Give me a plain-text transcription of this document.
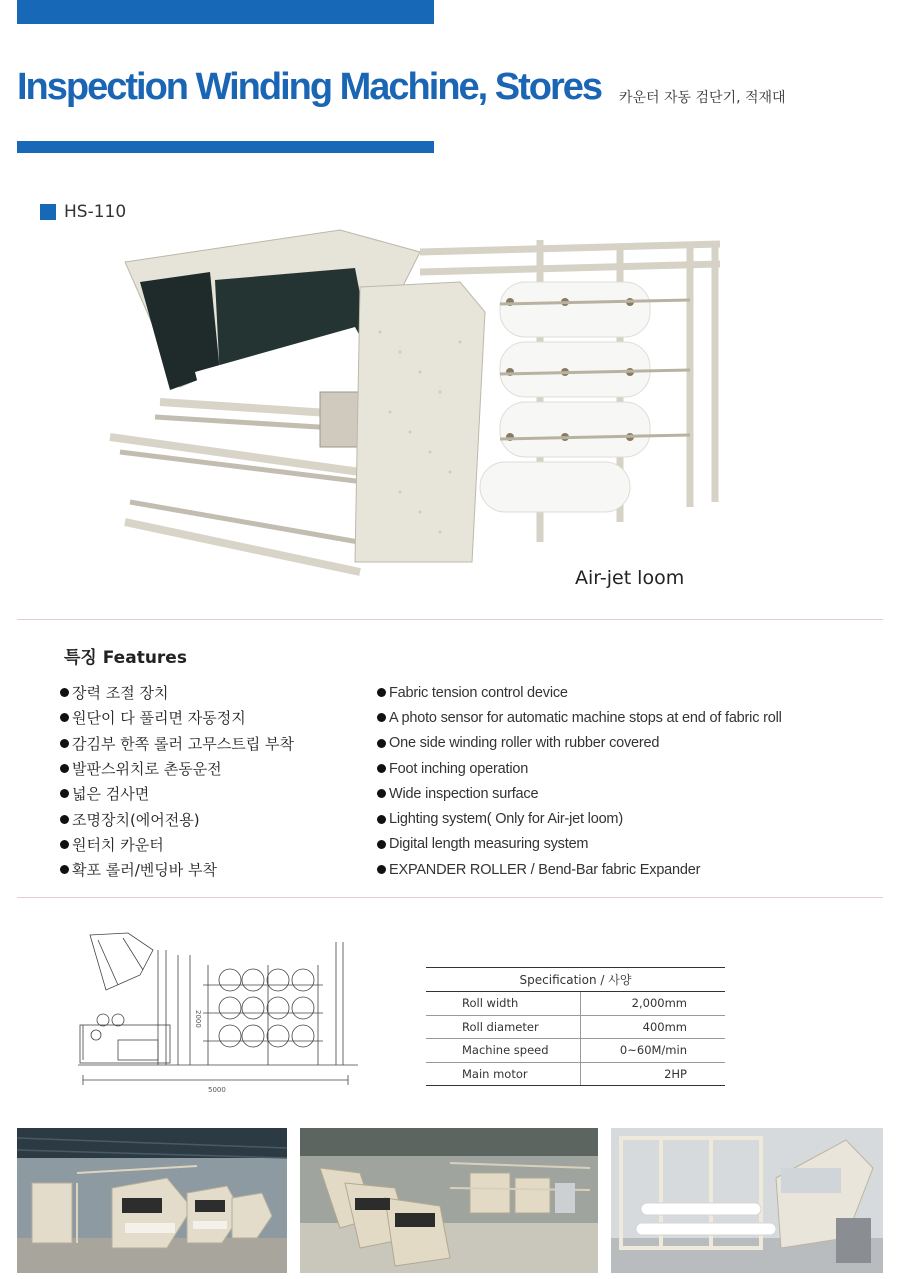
Inspection Winding Machine, Stores 카운터 자동 검단기, 적재대
HS-110
Air-jet loom
특징 Features
장력 조절 장치
원단이 다 풀리면 자동정지
감김부 한쪽 롤러 고무스트립 부착
발판스위치로 촌동운전
넓은 검사면
조명장치(에어전용)
원터치 카운터
확포 롤러/벤딩바 부착
Fabric tension control device
A photo sensor for automatic machine stops at end of fabric roll
One side winding roller with rubber covered
Foot inching operation
Wide inspection surface
Lighting system( Only for Air-jet loom)
Digital length measuring system
EXPANDER ROLLER / Bend-Bar fabric Expander
5000
2000
Specification / 사양	
Roll width	2,000mm
Roll diameter	400mm
Machine speed	0~60M/min
Main motor	2HP
